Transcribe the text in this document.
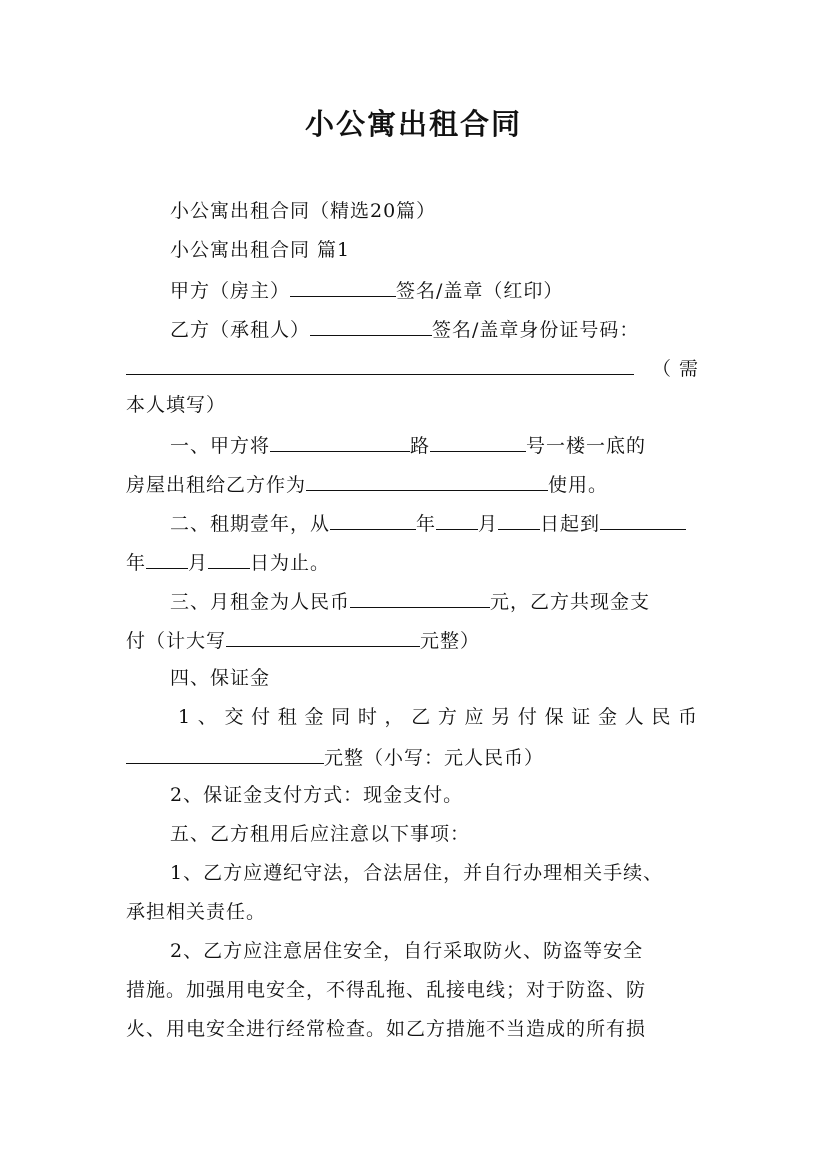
小公寓出租合同
小公寓出租合同（精选20篇）
小公寓出租合同 篇1
甲方（房主）	签名/盖章（红印）
乙方（承租人）	签名/盖章身份证号码：
（ 需
本人填写）
一、甲方将	路	号一楼一底的
房屋出租给乙方作为	使用。
二、租期壹年，从	年 月 日起到
年 月 日为止。
三、月租金为人民币	元，乙方共现金支
付（计大写	元整）
四、保证金
1、交付租金同时，乙方应另付保证金人民币
元整（小写：元人民币）
2、保证金支付方式：现金支付。
五、乙方租用后应注意以下事项：
1、乙方应遵纪守法，合法居住，并自行办理相关手续、
承担相关责任。
2、乙方应注意居住安全，自行采取防火、防盗等安全
措施。加强用电安全，不得乱拖、乱接电线；对于防盗、防
火、用电安全进行经常检查。如乙方措施不当造成的所有损
